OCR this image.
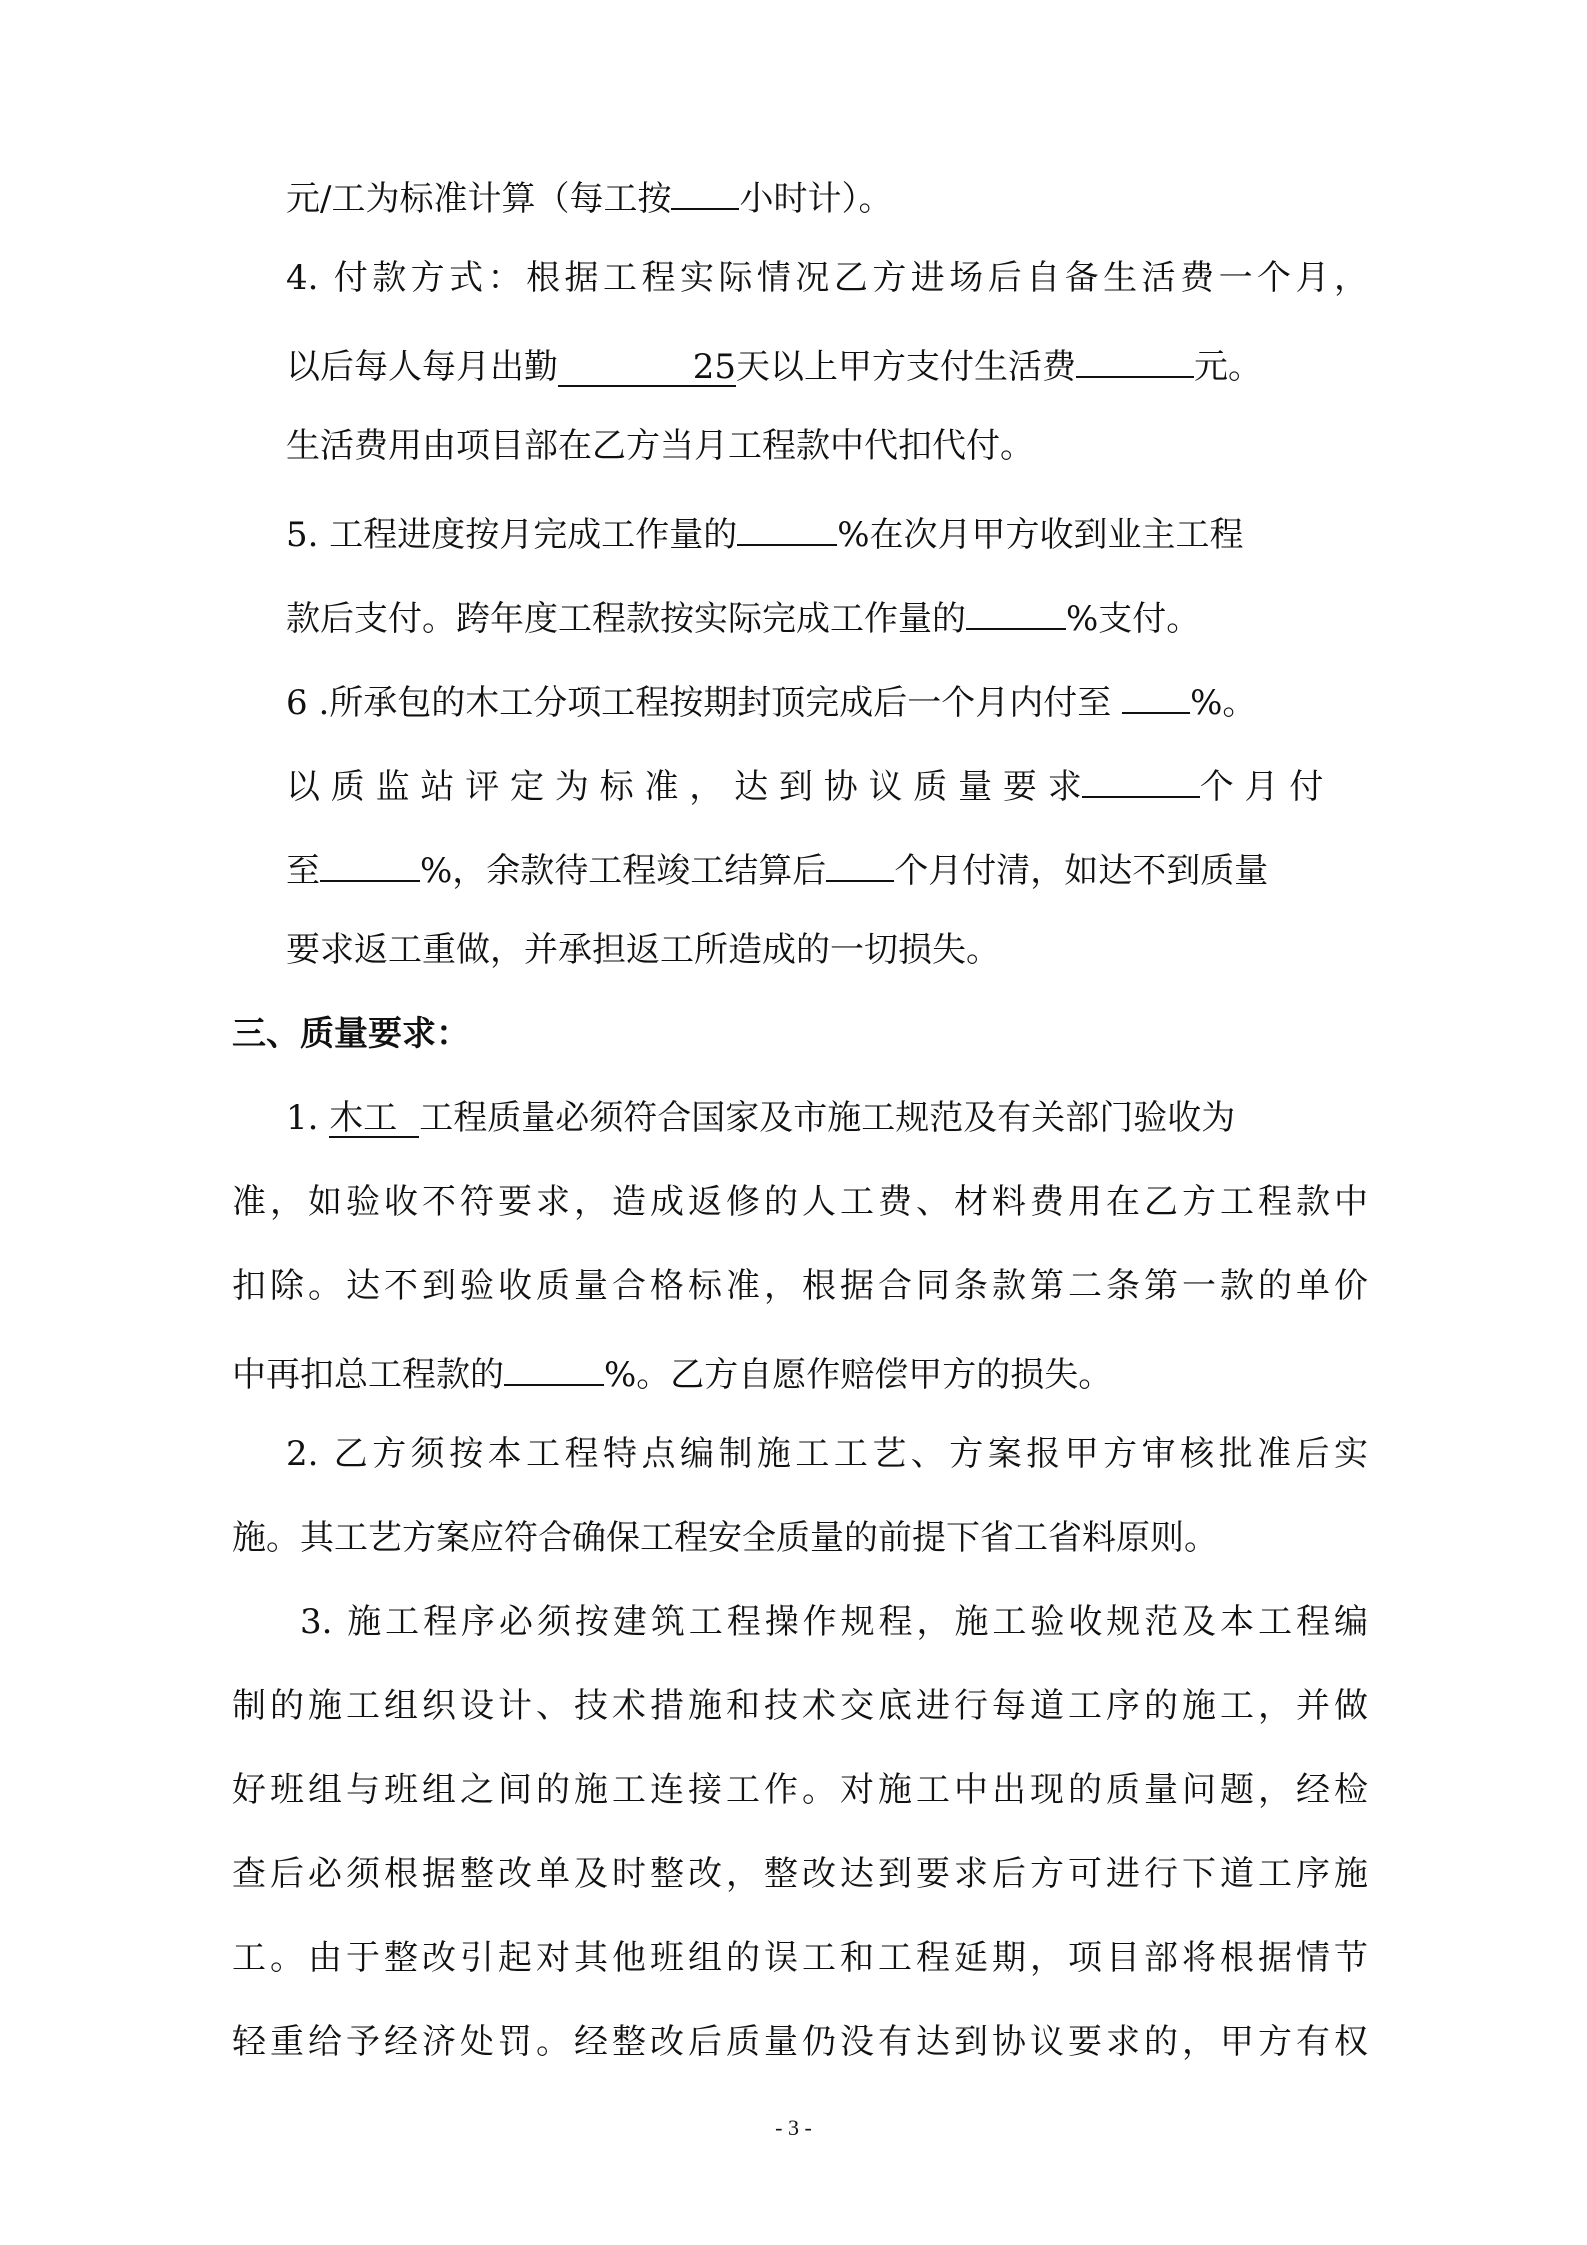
元/工为标准计算（每工按 小时计）。
4. 付款方式：根据工程实际情况乙方进场后自备生活费一个月，
以后每人每月出勤	25天以上甲方支付生活费	元。
生活费用由项目部在乙方当月工程款中代扣代付。
5. 工程进度按月完成工作量的	%在次月甲方收到业主工程
款后支付。跨年度工程款按实际完成工作量的	%支付。
6 .所承包的木工分项工程按期封顶完成后一个月内付至 %。
以 质 监 站 评 定 为 标 准 ， 达 到 协 议 质 量 要 求	个 月 付
至	%，余款待工程竣工结算后 个月付清，如达不到质量
要求返工重做，并承担返工所造成的一切损失。
三、质量要求：
1. 木工 工程质量必须符合国家及市施工规范及有关部门验收为
准，如验收不符要求，造成返修的人工费、材料费用在乙方工程款中
扣除。达不到验收质量合格标准，根据合同条款第二条第一款的单价
中再扣总工程款的	%。乙方自愿作赔偿甲方的损失。
2. 乙方须按本工程特点编制施工工艺、方案报甲方审核批准后实
施。其工艺方案应符合确保工程安全质量的前提下省工省料原则。
3. 施工程序必须按建筑工程操作规程，施工验收规范及本工程编
制的施工组织设计、技术措施和技术交底进行每道工序的施工，并做
好班组与班组之间的施工连接工作。对施工中出现的质量问题，经检
查后必须根据整改单及时整改，整改达到要求后方可进行下道工序施
工。由于整改引起对其他班组的误工和工程延期，项目部将根据情节
轻重给予经济处罚。经整改后质量仍没有达到协议要求的，甲方有权
- 3 -
